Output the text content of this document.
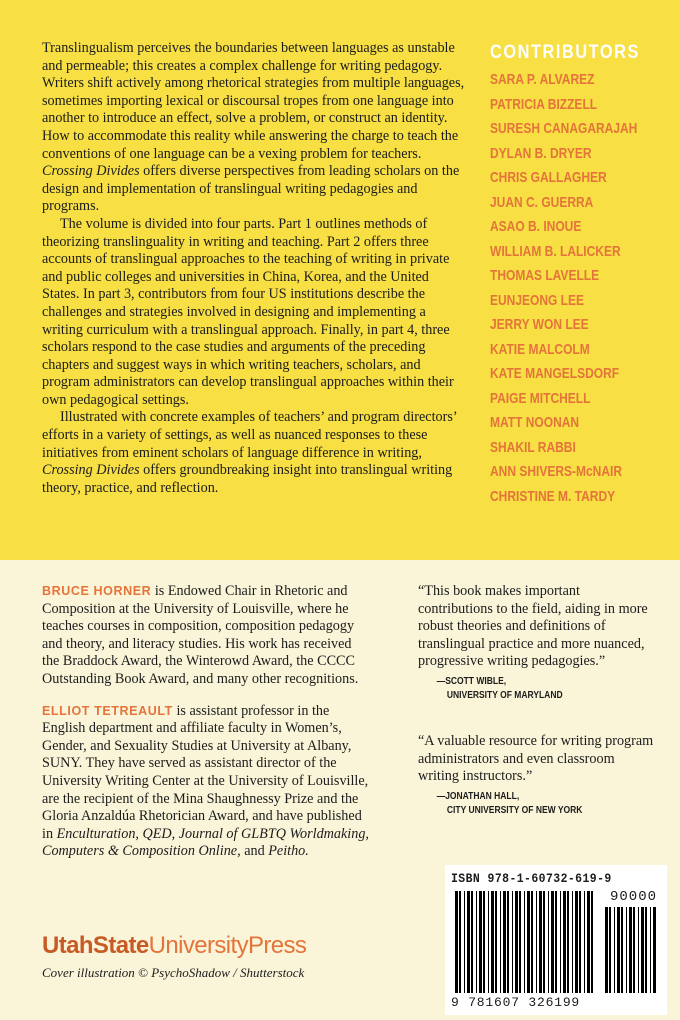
Translingualism perceives the boundaries between languages as unstable and permeable; this creates a complex challenge for writing pedagogy. Writers shift actively among rhetorical strategies from multiple languages, sometimes importing lexical or discoursal tropes from one language into another to introduce an effect, solve a problem, or construct an identity. How to accommodate this reality while answering the charge to teach the conventions of one language can be a vexing problem for teachers. Crossing Divides offers diverse perspectives from leading scholars on the design and implementation of translingual writing pedagogies and programs.

The volume is divided into four parts. Part 1 outlines methods of theorizing translinguality in writing and teaching. Part 2 offers three accounts of translingual approaches to the teaching of writing in private and public colleges and universities in China, Korea, and the United States. In part 3, contributors from four US institutions describe the challenges and strategies involved in designing and implementing a writing curriculum with a translingual approach. Finally, in part 4, three scholars respond to the case studies and arguments of the preceding chapters and suggest ways in which writing teachers, scholars, and program administrators can develop translingual approaches within their own pedagogical settings.

Illustrated with concrete examples of teachers’ and program directors’ efforts in a variety of settings, as well as nuanced responses to these initiatives from eminent scholars of language difference in writing, Crossing Divides offers groundbreaking insight into translingual writing theory, practice, and reflection.

CONTRIBUTORS
SARA P. ALVAREZ
PATRICIA BIZZELL
SURESH CANAGARAJAH
DYLAN B. DRYER
CHRIS GALLAGHER
JUAN C. GUERRA
ASAO B. INOUE
WILLIAM B. LALICKER
THOMAS LAVELLE
EUNJEONG LEE
JERRY WON LEE
KATIE MALCOLM
KATE MANGELSDORF
PAIGE MITCHELL
MATT NOONAN
SHAKIL RABBI
ANN SHIVERS-McNAIR
CHRISTINE M. TARDY

BRUCE HORNER is Endowed Chair in Rhetoric and Composition at the University of Louisville, where he teaches courses in composition, composition pedagogy and theory, and literacy studies. His work has received the Braddock Award, the Winterowd Award, the CCCC Outstanding Book Award, and many other recognitions.

ELLIOT TETREAULT is assistant professor in the English department and affiliate faculty in Women’s, Gender, and Sexuality Studies at University at Albany, SUNY. They have served as assistant director of the University Writing Center at the University of Louisville, are the recipient of the Mina Shaughnessy Prize and the Gloria Anzaldúa Rhetorician Award, and have published in Enculturation, QED, Journal of GLBTQ Worldmaking, Computers & Composition Online, and Peitho.

“This book makes important contributions to the field, aiding in more robust theories and definitions of translingual practice and more nuanced, progressive writing pedagogies.”
—SCOTT WIBLE,
UNIVERSITY OF MARYLAND
“A valuable resource for writing program administrators and even classroom writing instructors.”
—JONATHAN HALL,
CITY UNIVERSITY OF NEW YORK
ISBN 978-1-60732-619-9
90000
9 781607 326199
UtahStateUniversityPress
Cover illustration © PsychoShadow / Shutterstock
